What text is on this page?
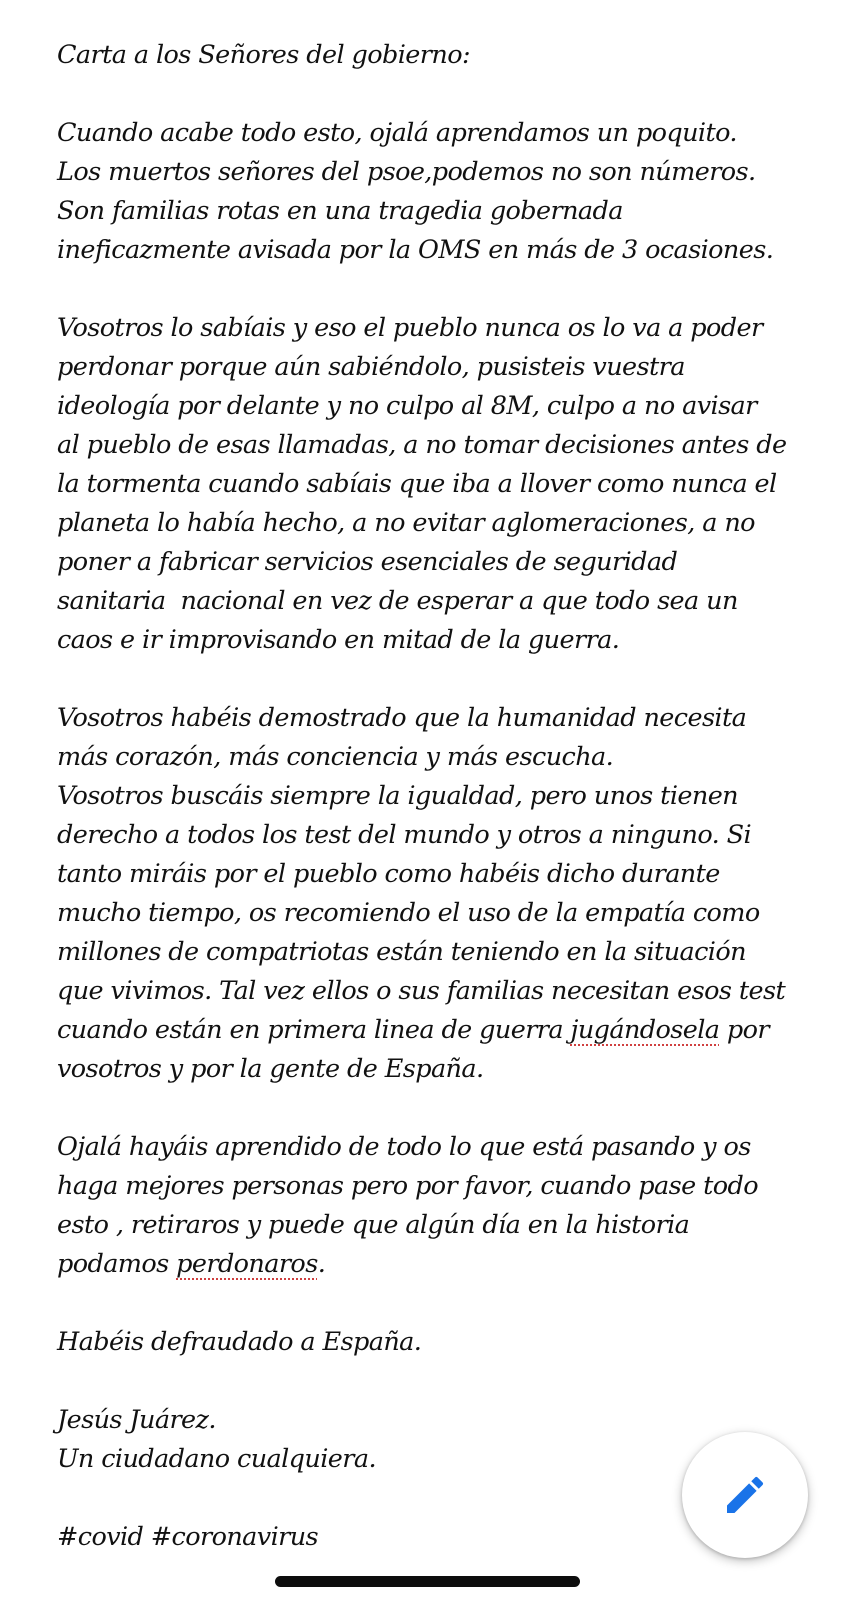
Carta a los Señores del gobierno:
Cuando acabe todo esto, ojalá aprendamos un poquito.
Los muertos señores del psoe,podemos no son números.
Son familias rotas en una tragedia gobernada
ineficazmente avisada por la OMS en más de 3 ocasiones.
Vosotros lo sabíais y eso el pueblo nunca os lo va a poder
perdonar porque aún sabiéndolo, pusisteis vuestra
ideología por delante y no culpo al 8M, culpo a no avisar
al pueblo de esas llamadas, a no tomar decisiones antes de
la tormenta cuando sabíais que iba a llover como nunca el
planeta lo había hecho, a no evitar aglomeraciones, a no
poner a fabricar servicios esenciales de seguridad
sanitaria  nacional en vez de esperar a que todo sea un
caos e ir improvisando en mitad de la guerra.
Vosotros habéis demostrado que la humanidad necesita
más corazón, más conciencia y más escucha.
Vosotros buscáis siempre la igualdad, pero unos tienen
derecho a todos los test del mundo y otros a ninguno. Si
tanto miráis por el pueblo como habéis dicho durante
mucho tiempo, os recomiendo el uso de la empatía como
millones de compatriotas están teniendo en la situación
que vivimos. Tal vez ellos o sus familias necesitan esos test
cuando están en primera linea de guerra jugándosela por
vosotros y por la gente de España.
Ojalá hayáis aprendido de todo lo que está pasando y os
haga mejores personas pero por favor, cuando pase todo
esto , retiraros y puede que algún día en la historia
podamos perdonaros.
Habéis defraudado a España.
Jesús Juárez.
Un ciudadano cualquiera.
#covid #coronavirus
